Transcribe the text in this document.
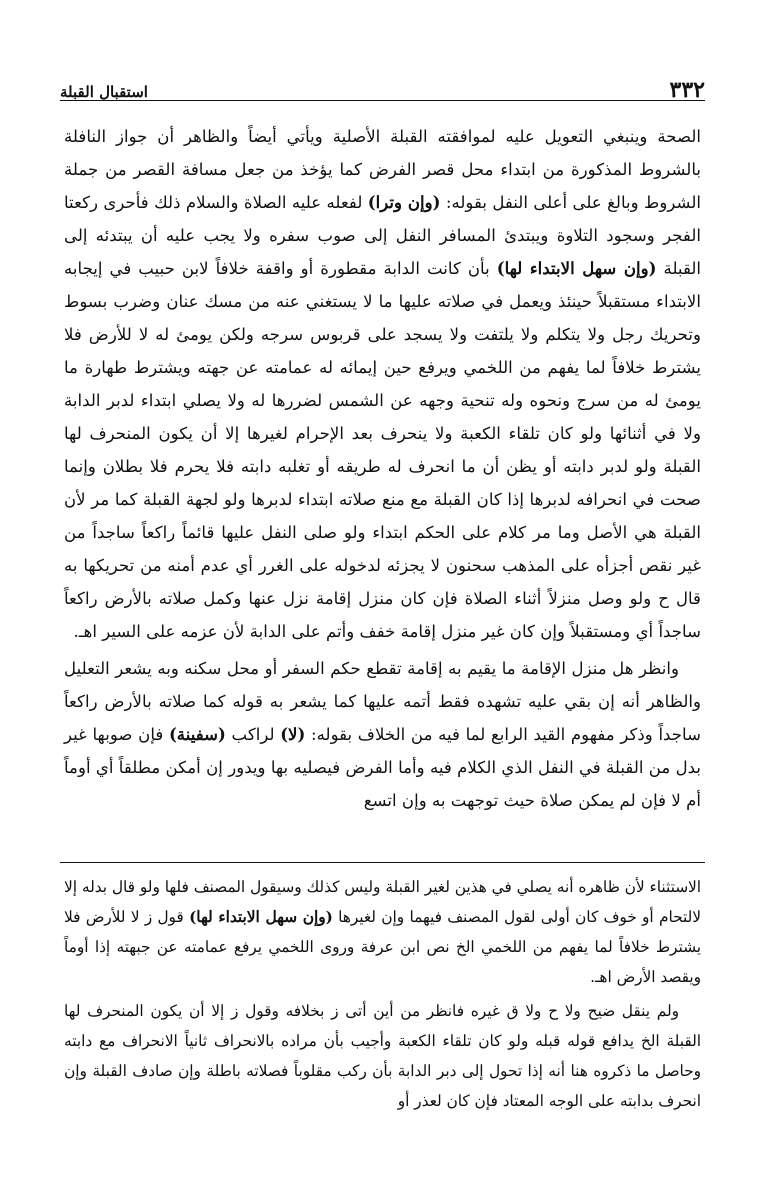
٣٣٢
استقبال القبلة

الصحة وينبغي التعويل عليه لموافقته القبلة الأصلية ويأتي أيضاً والظاهر أن جواز النافلة بالشروط المذكورة من ابتداء محل قصر الفرض كما يؤخذ من جعل مسافة القصر من جملة الشروط وبالغ على أعلى النفل بقوله: (وإن وترا) لفعله عليه الصلاة والسلام ذلك فأحرى ركعتا الفجر وسجود التلاوة ويبتدئ المسافر النفل إلى صوب سفره ولا يجب عليه أن يبتدئه إلى القبلة (وإن سهل الابتداء لها) بأن كانت الدابة مقطورة أو واقفة خلافاً لابن حبيب في إيجابه الابتداء مستقبلاً حينئذ ويعمل في صلاته عليها ما لا يستغني عنه من مسك عنان وضرب بسوط وتحريك رجل ولا يتكلم ولا يلتفت ولا يسجد على قربوس سرجه ولكن يومئ له لا للأرض فلا يشترط خلافاً لما يفهم من اللخمي ويرفع حين إيمائه له عمامته عن جهته ويشترط طهارة ما يومئ له من سرج ونحوه وله تنحية وجهه عن الشمس لضررها له ولا يصلي ابتداء لدبر الدابة ولا في أثنائها ولو كان تلقاء الكعبة ولا ينحرف بعد الإحرام لغيرها إلا أن يكون المنحرف لها القبلة ولو لدبر دابته أو يظن أن ما انحرف له طريقه أو تغلبه دابته فلا يحرم فلا بطلان وإنما صحت في انحرافه لدبرها إذا كان القبلة مع منع صلاته ابتداء لدبرها ولو لجهة القبلة كما مر لأن القبلة هي الأصل وما مر كلام على الحكم ابتداء ولو صلى النفل عليها قائماً راكعاً ساجداً من غير نقص أجزأه على المذهب سحنون لا يجزئه لدخوله على الغرر أي عدم أمنه من تحريكها به قال ح ولو وصل منزلاً أثناء الصلاة فإن كان منزل إقامة نزل عنها وكمل صلاته بالأرض راكعاً ساجداً أي ومستقبلاً وإن كان غير منزل إقامة خفف وأتم على الدابة لأن عزمه على السير اهـ.

وانظر هل منزل الإقامة ما يقيم به إقامة تقطع حكم السفر أو محل سكنه وبه يشعر التعليل والظاهر أنه إن بقي عليه تشهده فقط أتمه عليها كما يشعر به قوله كما صلاته بالأرض راكعاً ساجداً وذكر مفهوم القيد الرابع لما فيه من الخلاف بقوله: (لا) لراكب (سفينة) فإن صوبها غير بدل من القبلة في النفل الذي الكلام فيه وأما الفرض فيصليه بها ويدور إن أمكن مطلقاً أي أوماً أم لا فإن لم يمكن صلاة حيث توجهت به وإن اتسع

الاستثناء لأن ظاهره أنه يصلي في هذين لغير القبلة وليس كذلك وسيقول المصنف فلها ولو قال بدله إلا لالتحام أو خوف كان أولى لقول المصنف فيهما وإن لغيرها (وإن سهل الابتداء لها) قول ز لا للأرض فلا يشترط خلافاً لما يفهم من اللخمي الخ نص ابن عرفة وروى اللخمي يرفع عمامته عن جبهته إذا أوماً ويقصد الأرض اهـ.

ولم ينقل ضيح ولا ح ولا ق غيره فانظر من أين أتى ز بخلافه وقول ز إلا أن يكون المنحرف لها القبلة الخ يدافع قوله قبله ولو كان تلقاء الكعبة وأجيب بأن مراده بالانحراف ثانياً الانحراف مع دابته وحاصل ما ذكروه هنا أنه إذا تحول إلى دبر الدابة بأن ركب مقلوباً فصلاته باطلة وإن صادف القبلة وإن انحرف بدابته على الوجه المعتاد فإن كان لعذر أو
